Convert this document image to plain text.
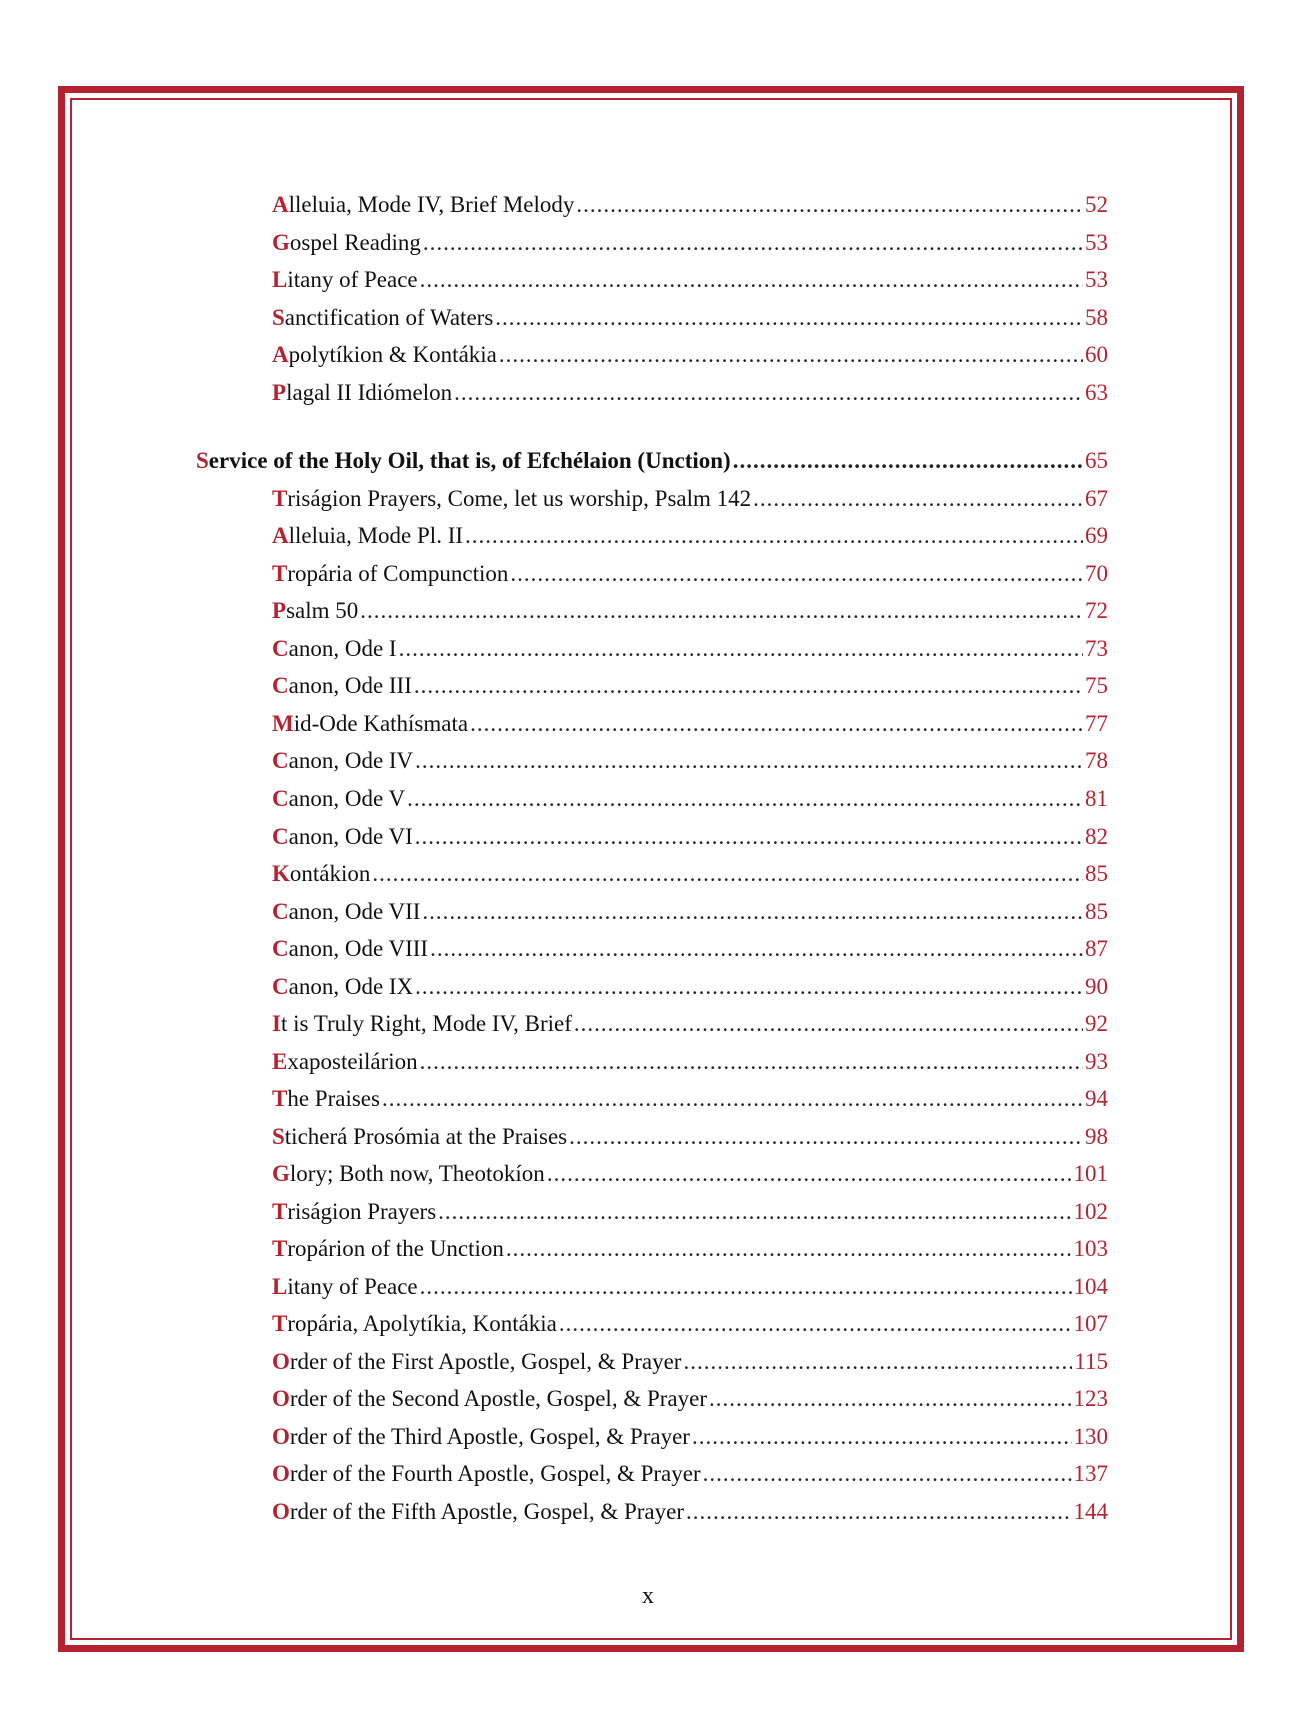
Alleluia, Mode IV, Brief Melody .....	52
Gospel Reading .....	53
Litany of Peace .....	53
Sanctification of Waters .....	58
Apolytíkion & Kontákia .....	60
Plagal II Idiómelon .....	63
Service of the Holy Oil, that is, of Efchélaion (Unction) .....	65
Triságion Prayers, Come, let us worship, Psalm 142 .....	67
Alleluia, Mode Pl. II .....	69
Tropária of Compunction .....	70
Psalm 50 .....	72
Canon, Ode I .....	73
Canon, Ode III .....	75
Mid-Ode Kathísmata .....	77
Canon, Ode IV .....	78
Canon, Ode V .....	81
Canon, Ode VI .....	82
Kontákion .....	85
Canon, Ode VII .....	85
Canon, Ode VIII .....	87
Canon, Ode IX .....	90
It is Truly Right, Mode IV, Brief .....	92
Exaposteilárion .....	93
The Praises .....	94
Sticherá Prosómia at the Praises .....	98
Glory; Both now, Theotokíon .....	101
Triságion Prayers .....	102
Tropárion of the Unction .....	103
Litany of Peace .....	104
Tropária, Apolytíkia, Kontákia .....	107
Order of the First Apostle, Gospel, & Prayer .....	115
Order of the Second Apostle, Gospel, & Prayer .....	123
Order of the Third Apostle, Gospel, & Prayer .....	130
Order of the Fourth Apostle, Gospel, & Prayer .....	137
Order of the Fifth Apostle, Gospel, & Prayer .....	144
x
